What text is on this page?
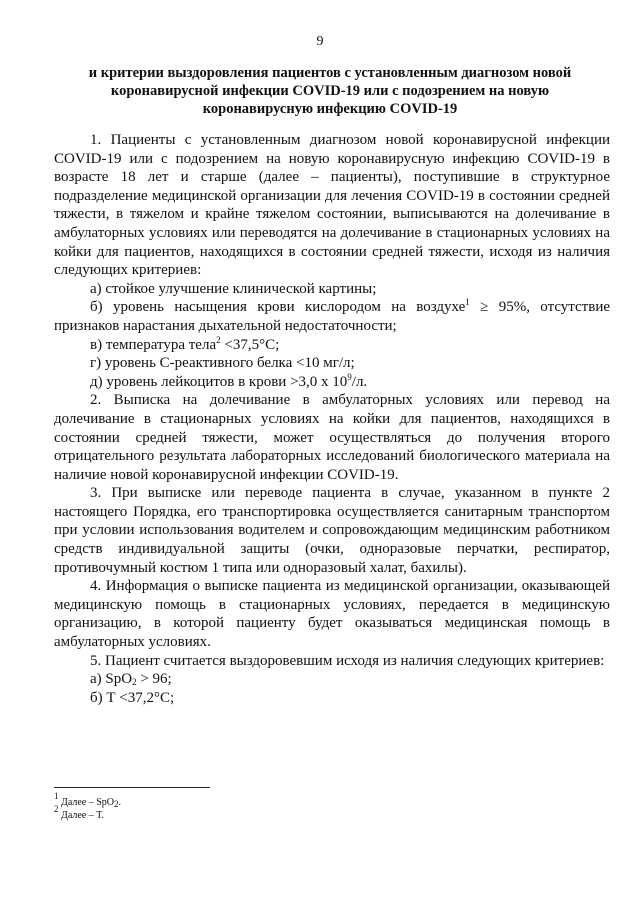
9
и критерии выздоровления пациентов с установленным диагнозом новой коронавирусной инфекции COVID-19 или с подозрением на новую коронавирусную инфекцию COVID-19

1. Пациенты с установленным диагнозом новой коронавирусной инфекции COVID-19 или с подозрением на новую коронавирусную инфекцию COVID-19 в возрасте 18 лет и старше (далее – пациенты), поступившие в структурное подразделение медицинской организации для лечения COVID-19 в состоянии средней тяжести, в тяжелом и крайне тяжелом состоянии, выписываются на долечивание в амбулаторных условиях или переводятся на долечивание в стационарных условиях на койки для пациентов, находящихся в состоянии средней тяжести, исходя из наличия следующих критериев:

а) стойкое улучшение клинической картины;

б) уровень насыщения крови кислородом на воздухе$^1$ ≥ 95%, отсутствие признаков нарастания дыхательной недостаточности;

в) температура тела$^2$ <37,5°С;

г) уровень С-реактивного белка <10 мг/л;

д) уровень лейкоцитов в крови >3,0 х $10^9/л$.

2. Выписка на долечивание в амбулаторных условиях или перевод на долечивание в стационарных условиях на койки для пациентов, находящихся в состоянии средней тяжести, может осуществляться до получения второго отрицательного результата лабораторных исследований биологического материала на наличие новой коронавирусной инфекции COVID-19.

3. При выписке или переводе пациента в случае, указанном в пункте 2 настоящего Порядка, его транспортировка осуществляется санитарным транспортом при условии использования водителем и сопровождающим медицинским работником средств индивидуальной защиты (очки, одноразовые перчатки, респиратор, противочумный костюм 1 типа или одноразовый халат, бахилы).

4. Информация о выписке пациента из медицинской организации, оказывающей медицинскую помощь в стационарных условиях, передается в медицинскую организацию, в которой пациенту будет оказываться медицинская помощь в амбулаторных условиях.

5. Пациент считается выздоровевшим исходя из наличия следующих критериев:

а) SpO$_2$ > 96;

б) Т <37,2°С;

$^1$ Далее – SpO$_2$.
$^2$ Далее – Т.
